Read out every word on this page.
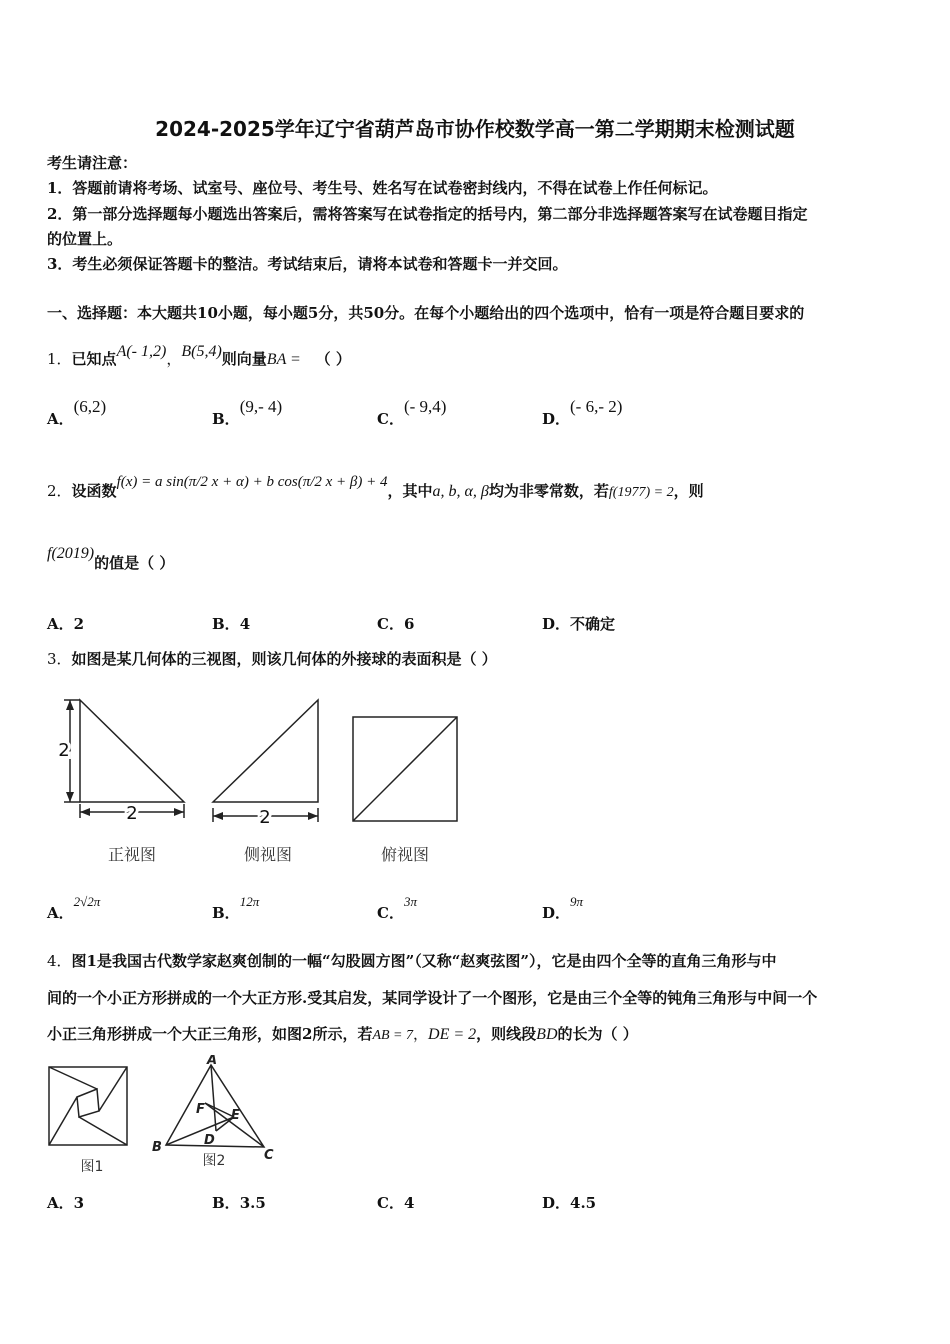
2024-2025学年辽宁省葫芦岛市协作校数学高一第二学期期末检测试题
考生请注意：
1．答题前请将考场、试室号、座位号、考生号、姓名写在试卷密封线内，不得在试卷上作任何标记。
2．第一部分选择题每小题选出答案后，需将答案写在试卷指定的括号内，第二部分非选择题答案写在试卷题目指定
的位置上。
3．考生必须保证答题卡的整洁。考试结束后，请将本试卷和答题卡一并交回。
一、选择题：本大题共10小题，每小题5分，共50分。在每个小题给出的四个选项中，恰有一项是符合题目要求的
1．已知点A(- 1,2)，B(5,4)则向量BA = （ ）
A．(6,2)
B．(9,- 4)
C．(- 9,4)
D．(- 6,- 2)
2．设函数f(x) = a sin(π/2 x + α) + b cos(π/2 x + β) + 4，其中a, b, α, β均为非零常数，若f(1977) = 2，则
f(2019)的值是（ ）
A．2	B．4	C．6	D．不确定
3．如图是某几何体的三视图，则该几何体的外接球的表面积是（ ）
2
2	2
正视图	侧视图	俯视图
A．2√2π
B．12π
C．3π
D．9π
4．图1是我国古代数学家赵爽创制的一幅“勾股圆方图”（又称“赵爽弦图”），它是由四个全等的直角三角形与中
间的一个小正方形拼成的一个大正方形.受其启发，某同学设计了一个图形，它是由三个全等的钝角三角形与中间一个
小正三角形拼成一个大正三角形，如图2所示，若AB = 7，DE = 2，则线段BD的长为（ ）
图1
A
B
C
D
E
F
图2
A．3	B．3.5	C．4	D．4.5
